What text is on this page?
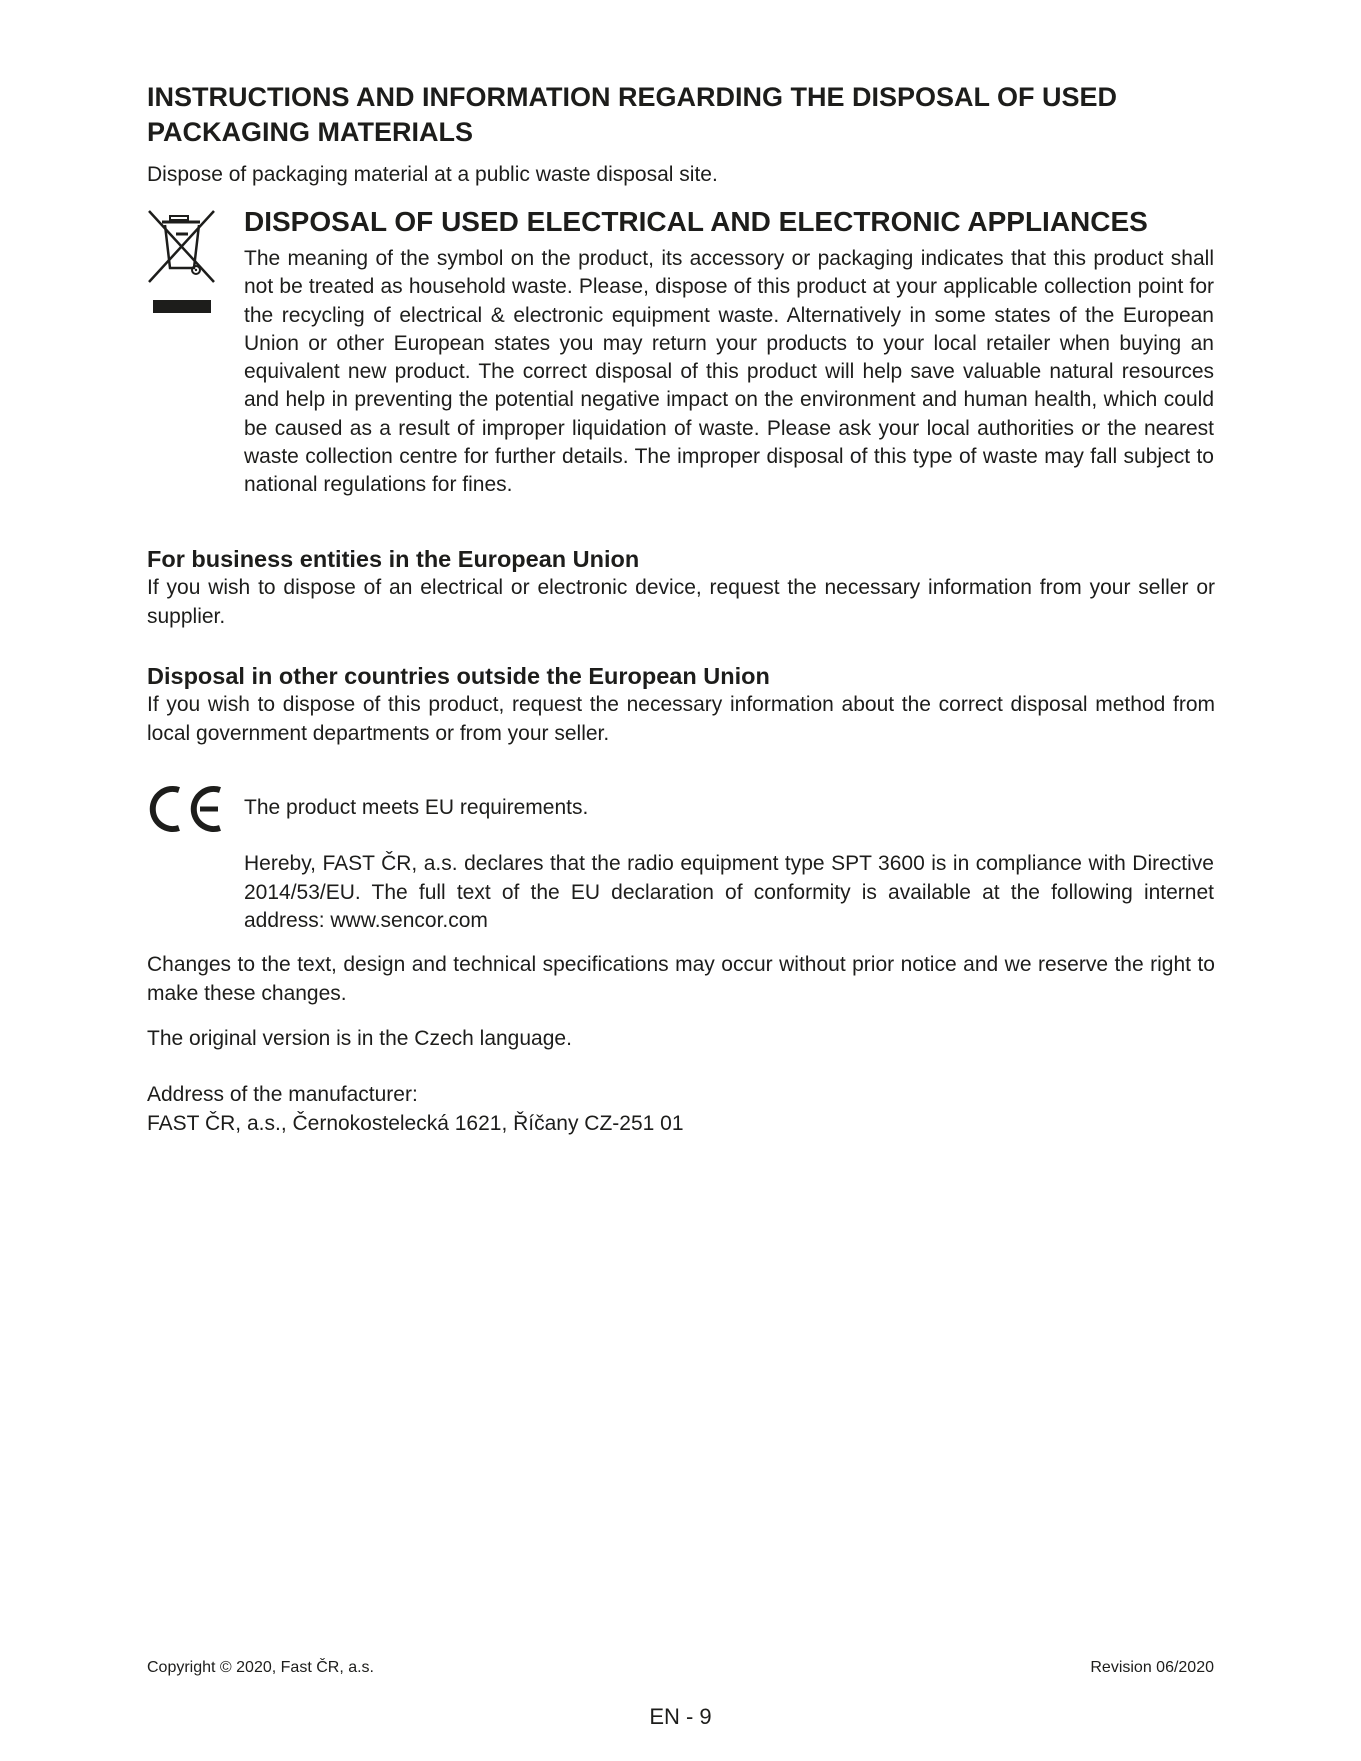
INSTRUCTIONS AND INFORMATION REGARDING THE DISPOSAL OF USED PACKAGING MATERIALS
Dispose of packaging material at a public waste disposal site.
DISPOSAL OF USED ELECTRICAL AND ELECTRONIC APPLIANCES
The meaning of the symbol on the product, its accessory or packaging indicates that this product shall not be treated as household waste. Please, dispose of this product at your applicable collection point for the recycling of electrical & electronic equipment waste. Alternatively in some states of the European Union or other European states you may return your products to your local retailer when buying an equivalent new product. The correct disposal of this product will help save valuable natural resources and help in preventing the potential negative impact on the environment and human health, which could be caused as a result of improper liquidation of waste. Please ask your local authorities or the nearest waste collection centre for further details. The improper disposal of this type of waste may fall subject to national regulations for fines.
For business entities in the European Union
If you wish to dispose of an electrical or electronic device, request the necessary information from your seller or supplier.
Disposal in other countries outside the European Union
If you wish to dispose of this product, request the necessary information about the correct disposal method from local government departments or from your seller.
The product meets EU requirements.
Hereby, FAST ČR, a.s. declares that the radio equipment type SPT 3600 is in compliance with Directive 2014/53/EU. The full text of the EU declaration of conformity is available at the following internet address: www.sencor.com
Changes to the text, design and technical specifications may occur without prior notice and we reserve the right to make these changes.
The original version is in the Czech language.
Address of the manufacturer:
FAST ČR, a.s., Černokostelecká 1621, Říčany CZ-251 01
Copyright © 2020, Fast ČR, a.s.	Revision 06/2020
EN - 9
